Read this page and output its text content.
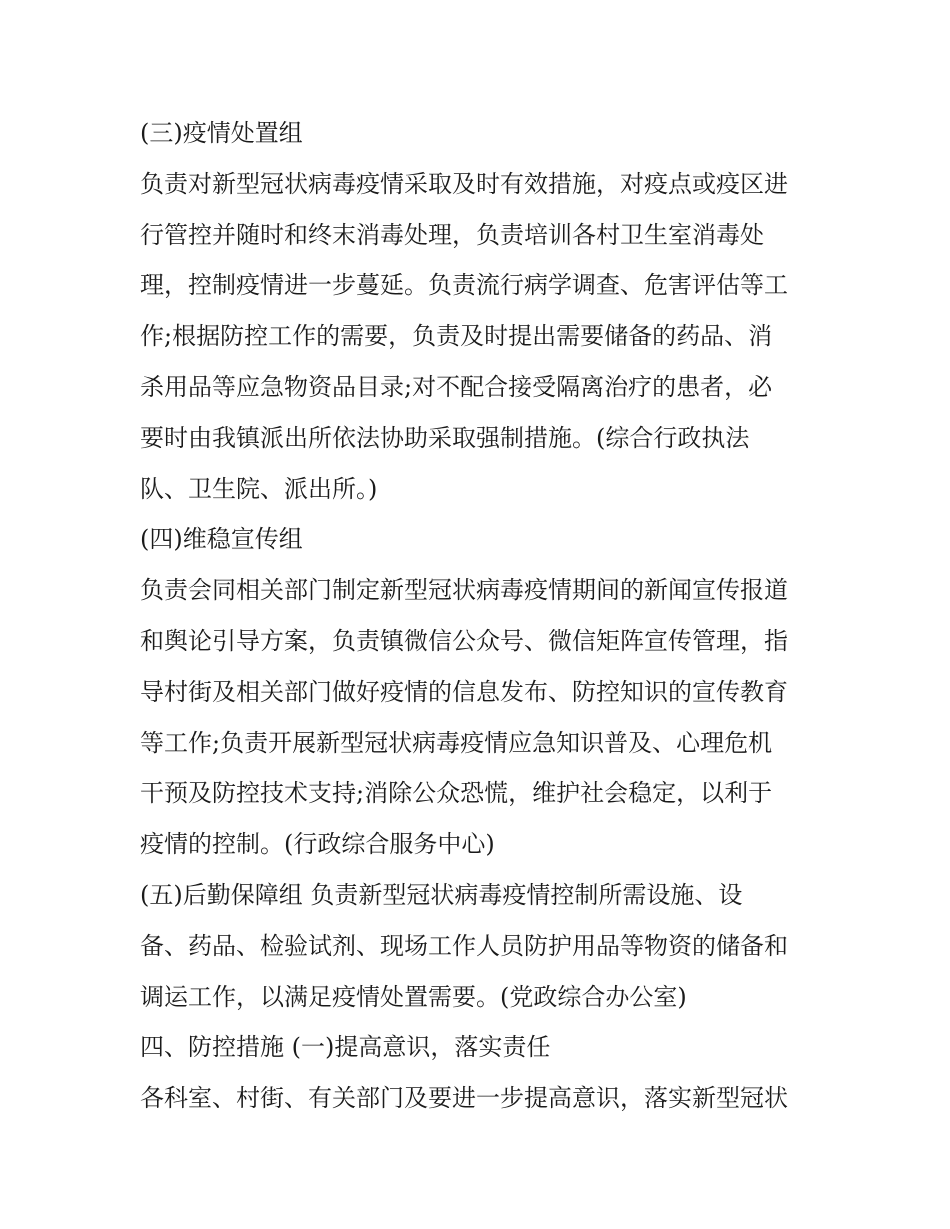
(三)疫情处置组
负责对新型冠状病毒疫情采取及时有效措施，对疫点或疫区进
行管控并随时和终末消毒处理，负责培训各村卫生室消毒处
理，控制疫情进一步蔓延。负责流行病学调查、危害评估等工
作;根据防控工作的需要，负责及时提出需要储备的药品、消
杀用品等应急物资品目录;对不配合接受隔离治疗的患者，必
要时由我镇派出所依法协助采取强制措施。(综合行政执法
队、卫生院、派出所。)
(四)维稳宣传组
负责会同相关部门制定新型冠状病毒疫情期间的新闻宣传报道
和舆论引导方案，负责镇微信公众号、微信矩阵宣传管理，指
导村街及相关部门做好疫情的信息发布、防控知识的宣传教育
等工作;负责开展新型冠状病毒疫情应急知识普及、心理危机
干预及防控技术支持;消除公众恐慌，维护社会稳定，以利于
疫情的控制。(行政综合服务中心)
(五)后勤保障组 负责新型冠状病毒疫情控制所需设施、设
备、药品、检验试剂、现场工作人员防护用品等物资的储备和
调运工作，以满足疫情处置需要。(党政综合办公室)
四、防控措施 (一)提高意识，落实责任
各科室、村街、有关部门及要进一步提高意识，落实新型冠状
